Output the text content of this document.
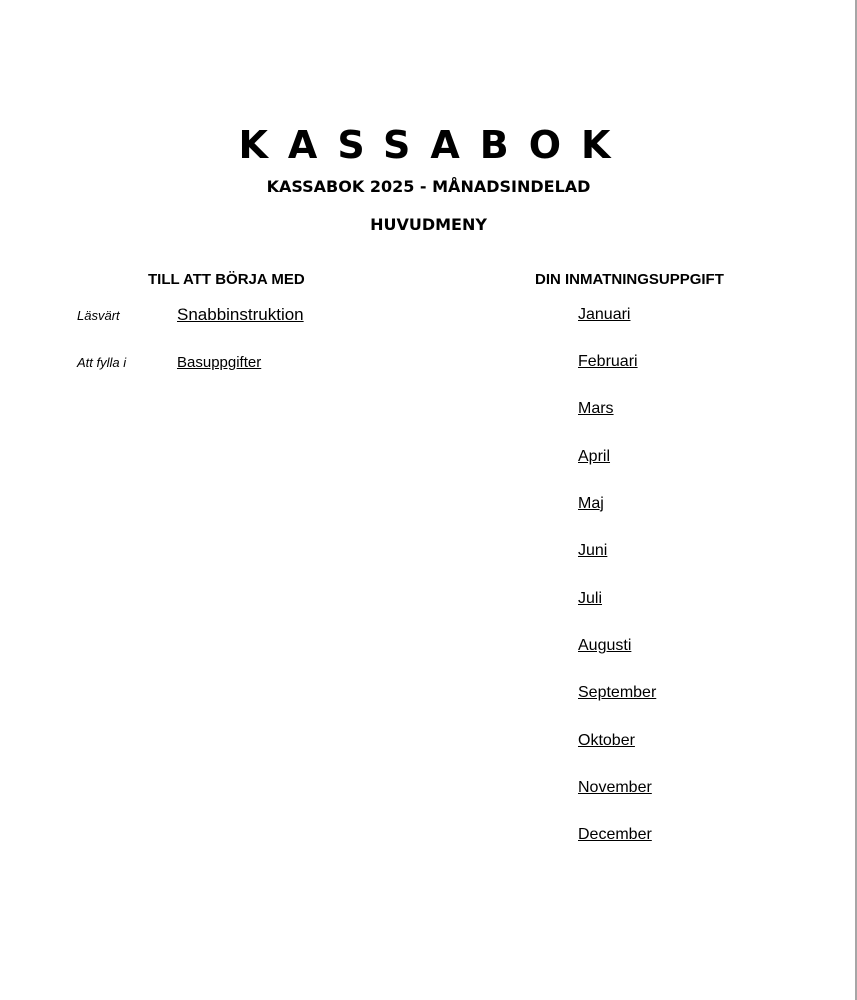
KASSABOK
KASSABOK 2025 - MÅNADSINDELAD
HUVUDMENY
TILL ATT BÖRJA MED	DIN INMATNINGSUPPGIFT
Läsvärt	Snabbinstruktion
Att fylla i	Basuppgifter
Januari
Februari
Mars
April
Maj
Juni
Juli
Augusti
September
Oktober
November
December
